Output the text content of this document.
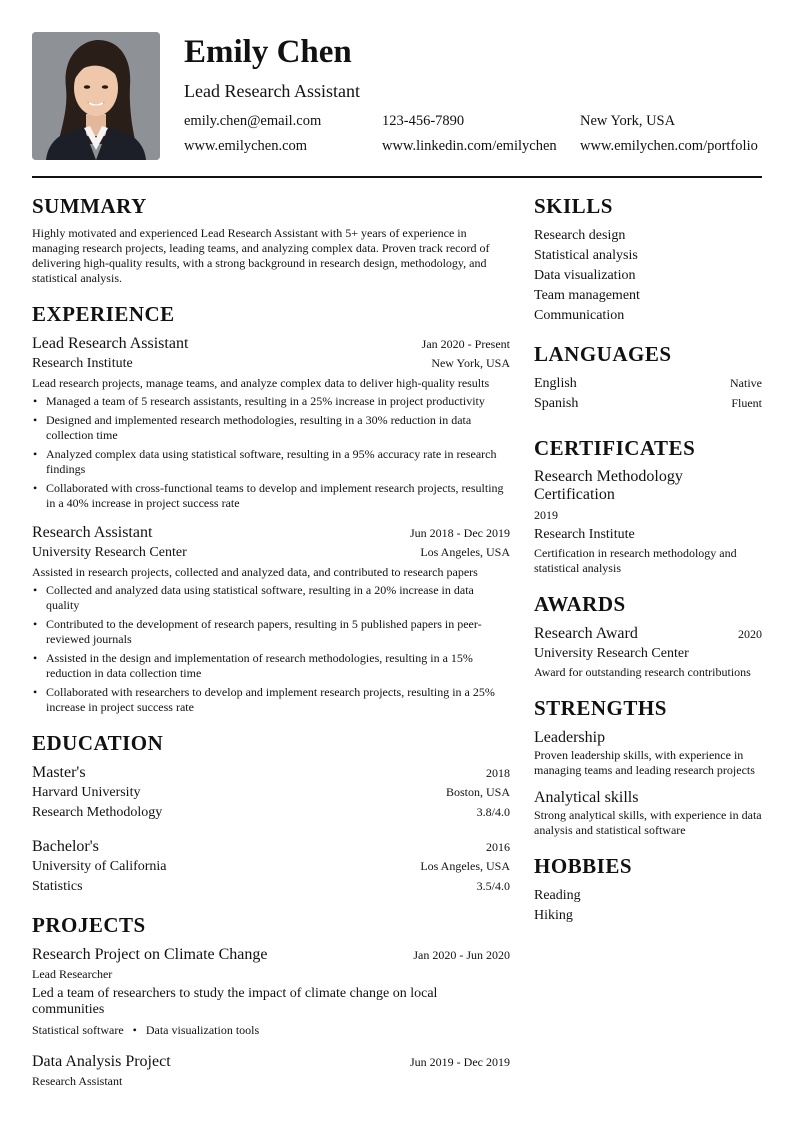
Emily Chen
Lead Research Assistant
emily.chen@email.com	123-456-7890	New York, USA
www.emilychen.com	www.linkedin.com/emilychen	www.emilychen.com/portfolio
SUMMARY
Highly motivated and experienced Lead Research Assistant with 5+ years of experience in managing research projects, leading teams, and analyzing complex data. Proven track record of delivering high-quality results, with a strong background in research design, methodology, and statistical analysis.
EXPERIENCE
Lead Research Assistant	Jan 2020 - Present
Research Institute	New York, USA
Lead research projects, manage teams, and analyze complex data to deliver high-quality results
• Managed a team of 5 research assistants, resulting in a 25% increase in project productivity
• Designed and implemented research methodologies, resulting in a 30% reduction in data collection time
• Analyzed complex data using statistical software, resulting in a 95% accuracy rate in research findings
• Collaborated with cross-functional teams to develop and implement research projects, resulting in a 40% increase in project success rate
Research Assistant	Jun 2018 - Dec 2019
University Research Center	Los Angeles, USA
Assisted in research projects, collected and analyzed data, and contributed to research papers
• Collected and analyzed data using statistical software, resulting in a 20% increase in data quality
• Contributed to the development of research papers, resulting in 5 published papers in peer-reviewed journals
• Assisted in the design and implementation of research methodologies, resulting in a 15% reduction in data collection time
• Collaborated with researchers to develop and implement research projects, resulting in a 25% increase in project success rate
EDUCATION
Master's	2018
Harvard University	Boston, USA
Research Methodology	3.8/4.0
Bachelor's	2016
University of California	Los Angeles, USA
Statistics	3.5/4.0
PROJECTS
Research Project on Climate Change	Jan 2020 - Jun 2020
Lead Researcher
Led a team of researchers to study the impact of climate change on local communities
Statistical software • Data visualization tools
Data Analysis Project	Jun 2019 - Dec 2019
Research Assistant
SKILLS
Research design
Statistical analysis
Data visualization
Team management
Communication
LANGUAGES
English	Native
Spanish	Fluent
CERTIFICATES
Research Methodology Certification
2019
Research Institute
Certification in research methodology and statistical analysis
AWARDS
Research Award	2020
University Research Center
Award for outstanding research contributions
STRENGTHS
Leadership
Proven leadership skills, with experience in managing teams and leading research projects
Analytical skills
Strong analytical skills, with experience in data analysis and statistical software
HOBBIES
Reading
Hiking
